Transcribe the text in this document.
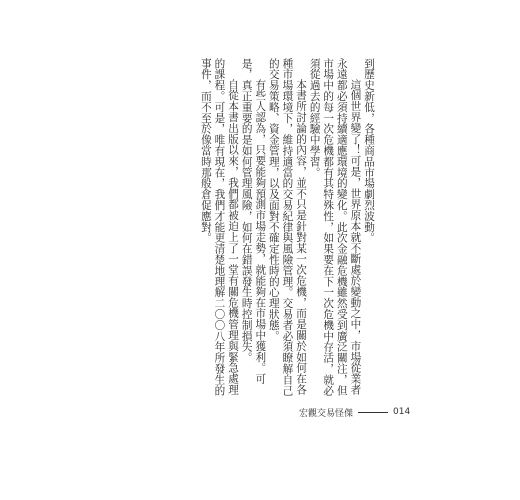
到歷史新低，各種商品市場劇烈波動。

這個世界變了！可是，世界原本就不斷處於變動之中，市場從業者永遠都必須持續適應環境的變化。此次金融危機雖然受到廣泛關注，但市場中的每一次危機都有其特殊性，如果要在下一次危機中存活，就必須從過去的經驗中學習。

本書所討論的內容，並不只是針對某一次危機，而是關於如何在各種市場環境下，維持適當的交易紀律與風險管理。交易者必須瞭解自己的交易策略、資金管理，以及面對不確定性時的心理狀態。

有些人認為，只要能夠預測市場走勢，就能夠在市場中獲利。可是，真正重要的是如何管理風險，如何在錯誤發生時控制損失。

自從本書出版以來，我們都被迫上了一堂有關危機管理與緊急處理的課程。可是，唯有現在，我們才能更清楚地理解二〇〇八年所發生的事件，而不至於像當時那般倉促應對。

宏觀交易怪傑	014
